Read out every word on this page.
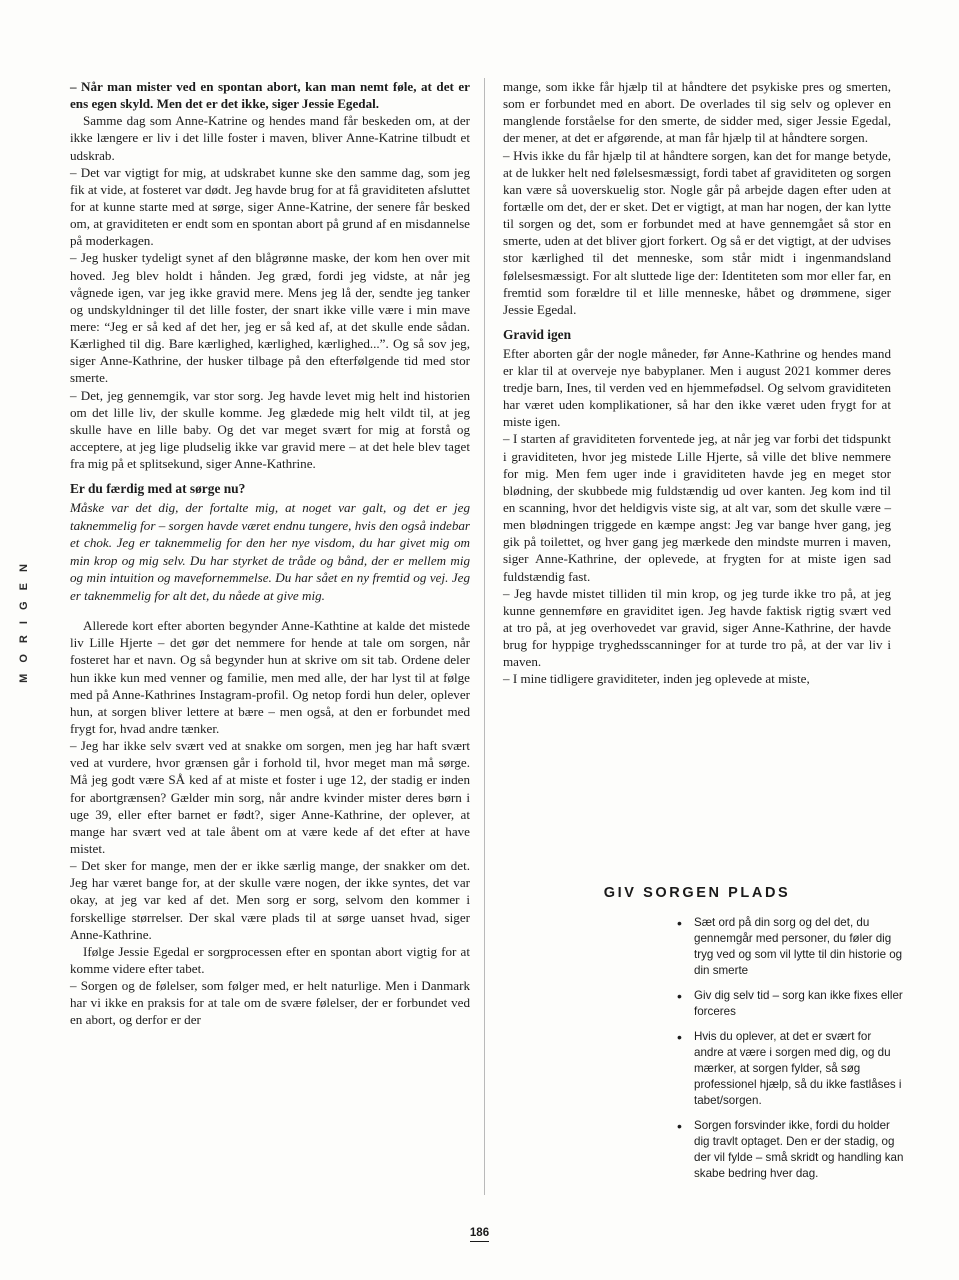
M O R I G E N

– Når man mister ved en spontan abort, kan man nemt føle, at det er ens egen skyld. Men det er det ikke, siger Jessie Egedal.

Samme dag som Anne-Katrine og hendes mand får beskeden om, at der ikke længere er liv i det lille foster i maven, bliver Anne-Katrine tilbudt et udskrab.

– Det var vigtigt for mig, at udskrabet kunne ske den samme dag, som jeg fik at vide, at fosteret var dødt. Jeg havde brug for at få graviditeten afsluttet for at kunne starte med at sørge, siger Anne-Katrine, der senere får besked om, at graviditeten er endt som en spontan abort på grund af en misdannelse på moderkagen.

– Jeg husker tydeligt synet af den blågrønne maske, der kom hen over mit hoved. Jeg blev holdt i hånden. Jeg græd, fordi jeg vidste, at når jeg vågnede igen, var jeg ikke gravid mere. Mens jeg lå der, sendte jeg tanker og undskyldninger til det lille foster, der snart ikke ville være i min mave mere: “Jeg er så ked af det her, jeg er så ked af, at det skulle ende sådan. Kærlighed til dig. Bare kærlighed, kærlighed, kærlighed...”. Og så sov jeg, siger Anne-Kathrine, der husker tilbage på den efterfølgende tid med stor smerte.

– Det, jeg gennemgik, var stor sorg. Jeg havde levet mig helt ind historien om det lille liv, der skulle komme. Jeg glædede mig helt vildt til, at jeg skulle have en lille baby. Og det var meget svært for mig at forstå og acceptere, at jeg lige pludselig ikke var gravid mere – at det hele blev taget fra mig på et splitsekund, siger Anne-Kathrine.

Er du færdig med at sørge nu?

Måske var det dig, der fortalte mig, at noget var galt, og det er jeg taknemmelig for – sorgen havde været endnu tungere, hvis den også indebar et chok. Jeg er taknemmelig for den her nye visdom, du har givet mig om min krop og mig selv. Du har styrket de tråde og bånd, der er mellem mig og min intuition og mavefornemmelse. Du har sået en ny fremtid og vej. Jeg er taknemmelig for alt det, du nåede at give mig.

Allerede kort efter aborten begynder Anne-Kathtine at kalde det mistede liv Lille Hjerte – det gør det nemmere for hende at tale om sorgen, når fosteret har et navn. Og så begynder hun at skrive om sit tab. Ordene deler hun ikke kun med venner og familie, men med alle, der har lyst til at følge med på Anne-Kathrines Instagram-profil. Og netop fordi hun deler, oplever hun, at sorgen bliver lettere at bære – men også, at den er forbundet med frygt for, hvad andre tænker.

– Jeg har ikke selv svært ved at snakke om sorgen, men jeg har haft svært ved at vurdere, hvor grænsen går i forhold til, hvor meget man må sørge. Må jeg godt være SÅ ked af at miste et foster i uge 12, der stadig er inden for abortgrænsen? Gælder min sorg, når andre kvinder mister deres børn i uge 39, eller efter barnet er født?, siger Anne-Kathrine, der oplever, at mange har svært ved at tale åbent om at være kede af det efter at have mistet.

– Det sker for mange, men der er ikke særlig mange, der snakker om det. Jeg har været bange for, at der skulle være nogen, der ikke syntes, det var okay, at jeg var ked af det. Men sorg er sorg, selvom den kommer i forskellige størrelser. Der skal være plads til at sørge uanset hvad, siger Anne-Kathrine.

Ifølge Jessie Egedal er sorgprocessen efter en spontan abort vigtig for at komme videre efter tabet.

– Sorgen og de følelser, som følger med, er helt naturlige. Men i Danmark har vi ikke en praksis for at tale om de svære følelser, der er forbundet ved en abort, og derfor er der

mange, som ikke får hjælp til at håndtere det psykiske pres og smerten, som er forbundet med en abort. De overlades til sig selv og oplever en manglende forståelse for den smerte, de sidder med, siger Jessie Egedal, der mener, at det er afgørende, at man får hjælp til at håndtere sorgen.

– Hvis ikke du får hjælp til at håndtere sorgen, kan det for mange betyde, at de lukker helt ned følelsesmæssigt, fordi tabet af graviditeten og sorgen kan være så uoverskuelig stor. Nogle går på arbejde dagen efter uden at fortælle om det, der er sket. Det er vigtigt, at man har nogen, der kan lytte til sorgen og det, som er forbundet med at have gennemgået så stor en smerte, uden at det bliver gjort forkert. Og så er det vigtigt, at der udvises stor kærlighed til det menneske, som står midt i ingenmandsland følelsesmæssigt. For alt sluttede lige der: Identiteten som mor eller far, en fremtid som forældre til et lille menneske, håbet og drømmene, siger Jessie Egedal.

Gravid igen

Efter aborten går der nogle måneder, før Anne-Kathrine og hendes mand er klar til at overveje nye babyplaner. Men i august 2021 kommer deres tredje barn, Ines, til verden ved en hjemmefødsel. Og selvom graviditeten har været uden komplikationer, så har den ikke været uden frygt for at miste igen.

– I starten af graviditeten forventede jeg, at når jeg var forbi det tidspunkt i graviditeten, hvor jeg mistede Lille Hjerte, så ville det blive nemmere for mig. Men fem uger inde i graviditeten havde jeg en meget stor blødning, der skubbede mig fuldstændig ud over kanten. Jeg kom ind til en scanning, hvor det heldigvis viste sig, at alt var, som det skulle være – men blødningen triggede en kæmpe angst: Jeg var bange hver gang, jeg gik på toilettet, og hver gang jeg mærkede den mindste murren i maven, siger Anne-Kathrine, der oplevede, at frygten for at miste igen sad fuldstændig fast.

– Jeg havde mistet tilliden til min krop, og jeg turde ikke tro på, at jeg kunne gennemføre en graviditet igen. Jeg havde faktisk rigtig svært ved at tro på, at jeg overhovedet var gravid, siger Anne-Kathrine, der havde brug for hyppige tryghedsscanninger for at turde tro på, at der var liv i maven.

– I mine tidligere graviditeter, inden jeg oplevede at miste,

GIV SORGEN PLADS
• Sæt ord på din sorg og del det, du gennemgår med personer, du føler dig tryg ved og som vil lytte til din historie og din smerte
• Giv dig selv tid – sorg kan ikke fixes eller forceres
• Hvis du oplever, at det er svært for andre at være i sorgen med dig, og du mærker, at sorgen fylder, så søg professionel hjælp, så du ikke fastlåses i tabet/sorgen.
• Sorgen forsvinder ikke, fordi du holder dig travlt optaget. Den er der stadig, og der vil fylde – små skridt og handling kan skabe bedring hver dag.
186
